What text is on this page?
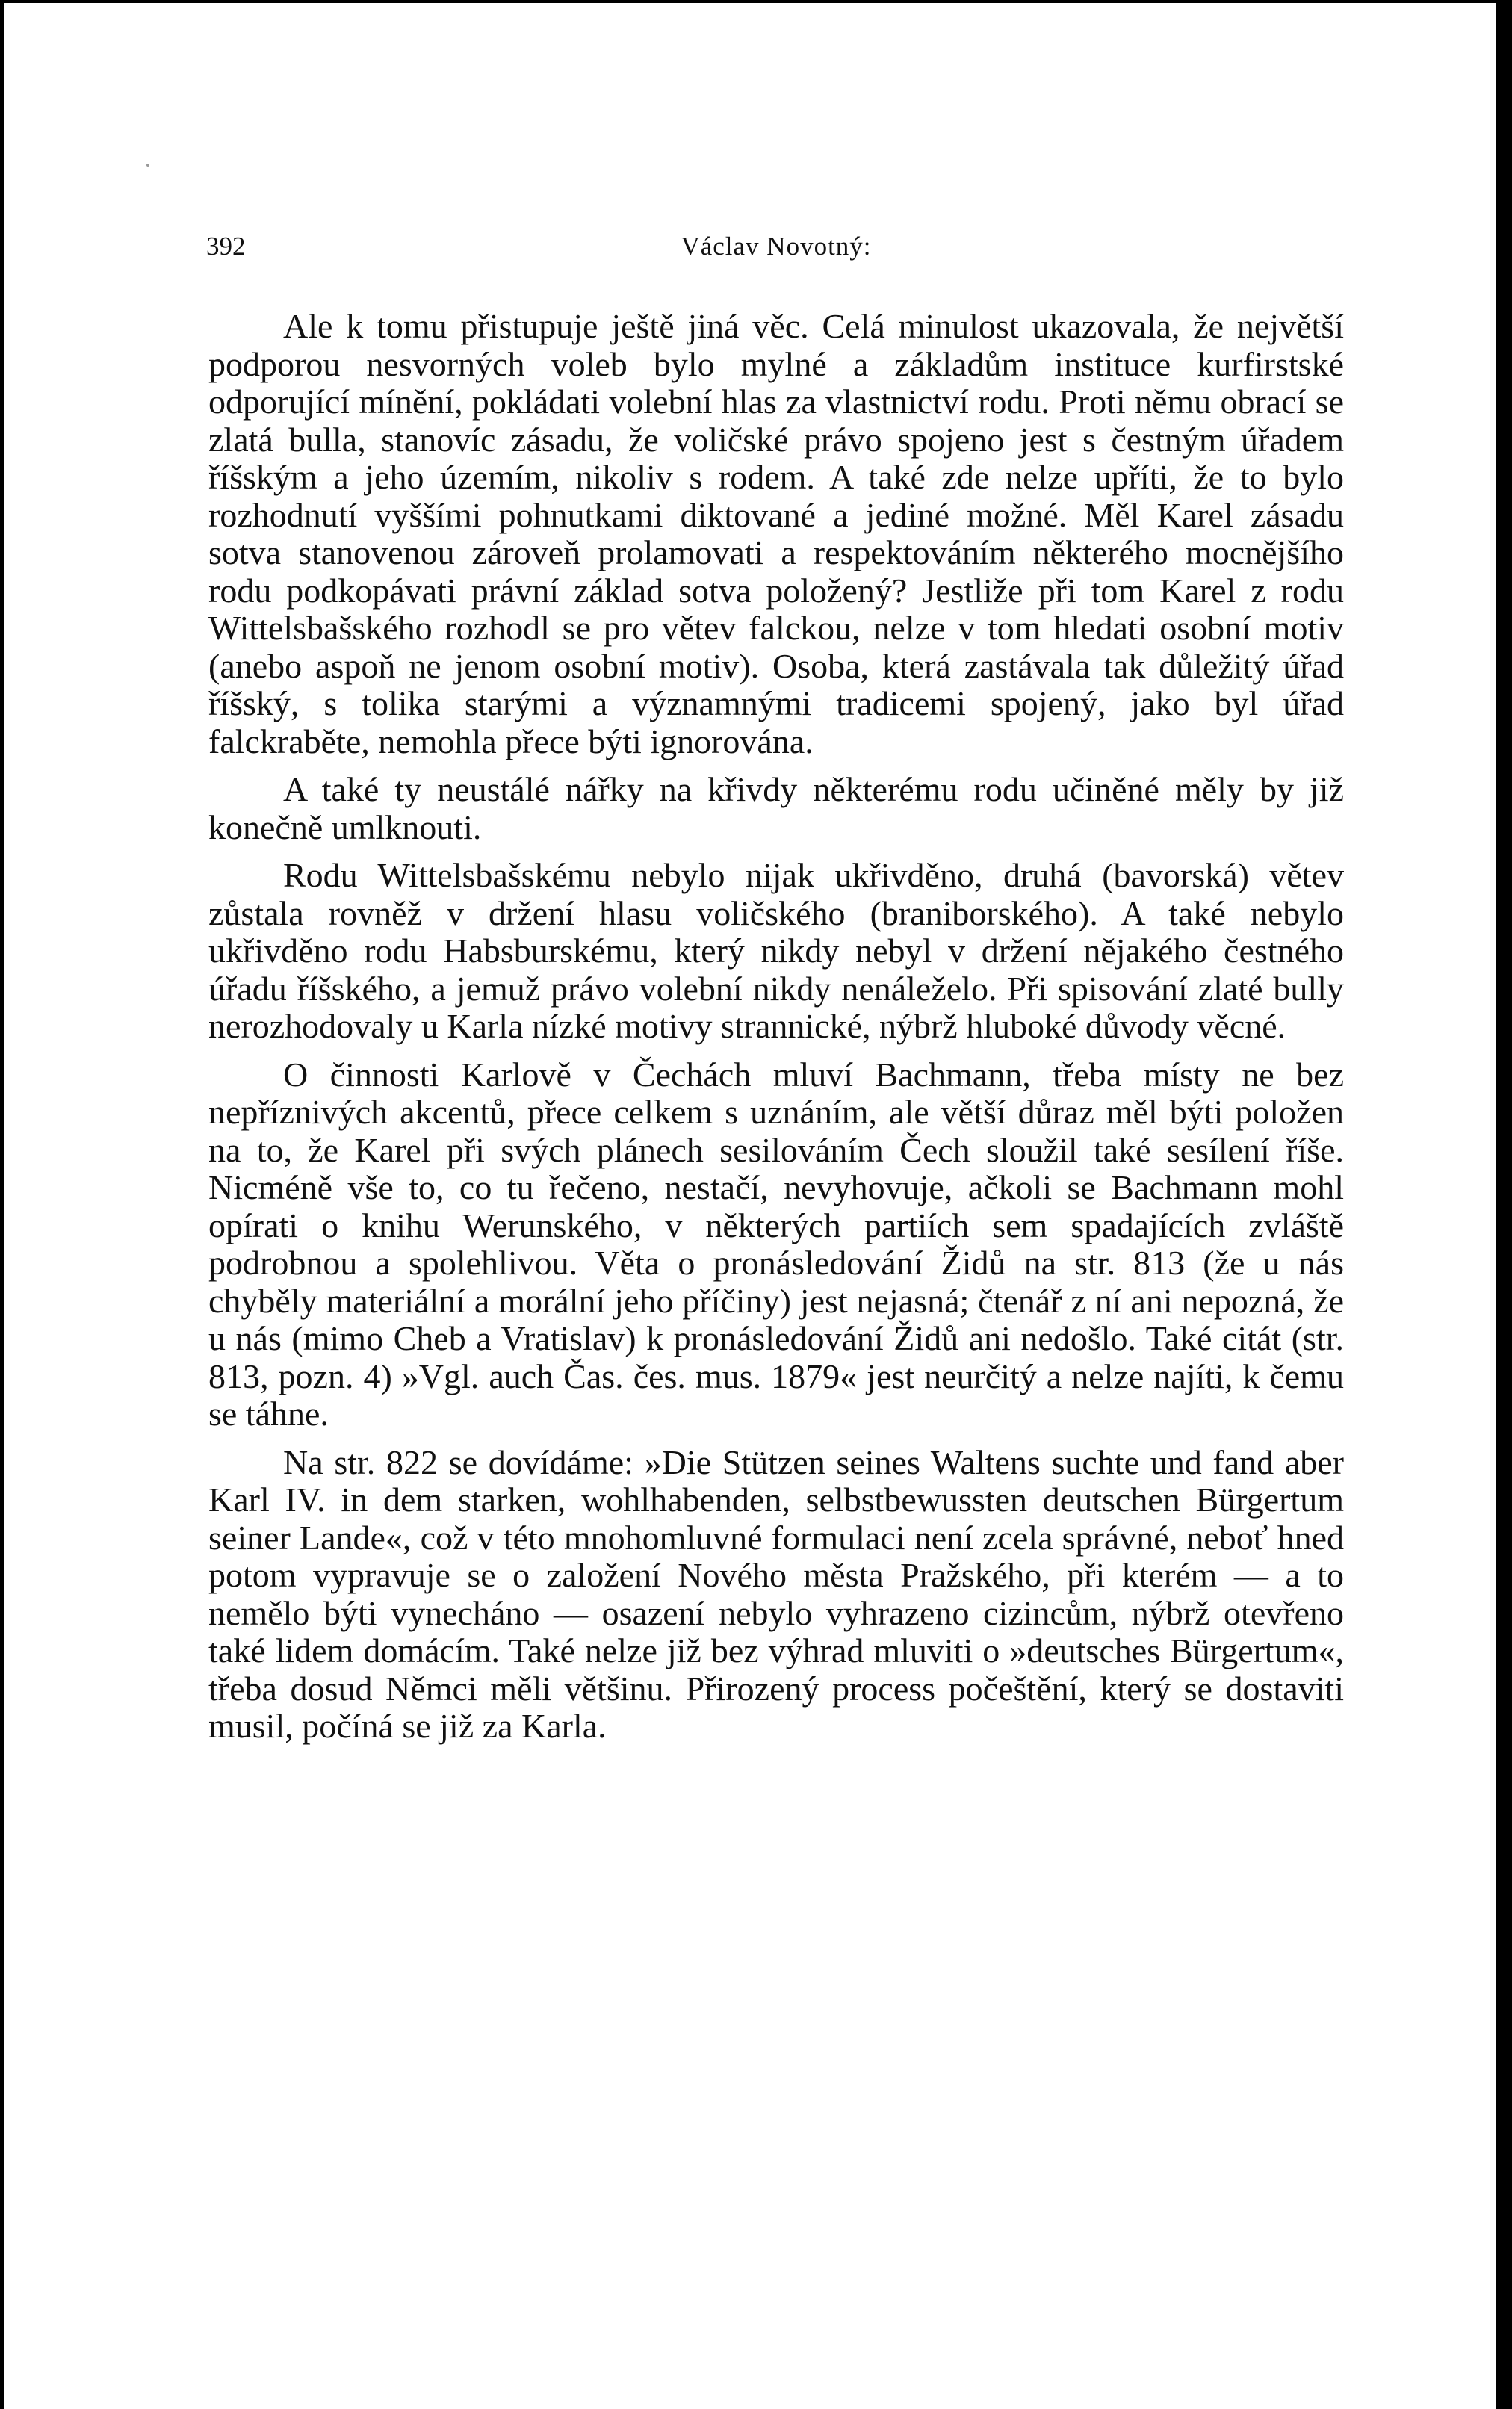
392	Václav Novotný:

Ale k tomu přistupuje ještě jiná věc. Celá minulost ukazovala, že největší podporou nesvorných voleb bylo mylné a základům instituce kurfirstské odporující mínění, pokládati volební hlas za vlastnictví rodu. Proti němu obrací se zlatá bulla, stanovíc zásadu, že voličské právo spojeno jest s čestným úřadem říšským a jeho územím, nikoliv s rodem. A také zde nelze upříti, že to bylo rozhodnutí vyššími pohnutkami diktované a jediné možné. Měl Karel zásadu sotva stanovenou zároveň prolamovati a respektováním některého mocnějšího rodu podkopávati právní základ sotva položený? Jestliže při tom Karel z rodu Wittelsbašského rozhodl se pro větev falckou, nelze v tom hledati osobní motiv (anebo aspoň ne jenom osobní motiv). Osoba, která zastávala tak důležitý úřad říšský, s tolika starými a významnými tradicemi spojený, jako byl úřad falckraběte, nemohla přece býti ignorována.

A také ty neustálé nářky na křivdy některému rodu učiněné měly by již konečně umlknouti.

Rodu Wittelsbašskému nebylo nijak ukřivděno, druhá (bavorská) větev zůstala rovněž v držení hlasu voličského (braniborského). A také nebylo ukřivděno rodu Habsburskému, který nikdy nebyl v držení nějakého čestného úřadu říšského, a jemuž právo volební nikdy nenáleželo. Při spisování zlaté bully nerozhodovaly u Karla nízké motivy strannické, nýbrž hluboké důvody věcné.

O činnosti Karlově v Čechách mluví Bachmann, třeba místy ne bez nepříznivých akcentů, přece celkem s uznáním, ale větší důraz měl býti položen na to, že Karel při svých plánech sesilováním Čech sloužil také sesílení říše. Nicméně vše to, co tu řečeno, nestačí, nevyhovuje, ačkoli se Bachmann mohl opírati o knihu Werunského, v některých partiích sem spadajících zvláště podrobnou a spolehlivou. Věta o pronásledování Židů na str. 813 (že u nás chyběly materiální a morální jeho příčiny) jest nejasná; čtenář z ní ani nepozná, že u nás (mimo Cheb a Vratislav) k pronásledování Židů ani nedošlo. Také citát (str. 813, pozn. 4) »Vgl. auch Čas. čes. mus. 1879« jest neurčitý a nelze najíti, k čemu se táhne.

Na str. 822 se dovídáme: »Die Stützen seines Waltens suchte und fand aber Karl IV. in dem starken, wohlhabenden, selbstbewussten deutschen Bürgertum seiner Lande«, což v této mnohomluvné formulaci není zcela správné, neboť hned potom vypravuje se o založení Nového města Pražského, při kterém — a to nemělo býti vynecháno — osazení nebylo vyhrazeno cizincům, nýbrž otevřeno také lidem domácím. Také nelze již bez výhrad mluviti o »deutsches Bürgertum«, třeba dosud Němci měli většinu. Přirozený process počeštění, který se dostaviti musil, počíná se již za Karla.
